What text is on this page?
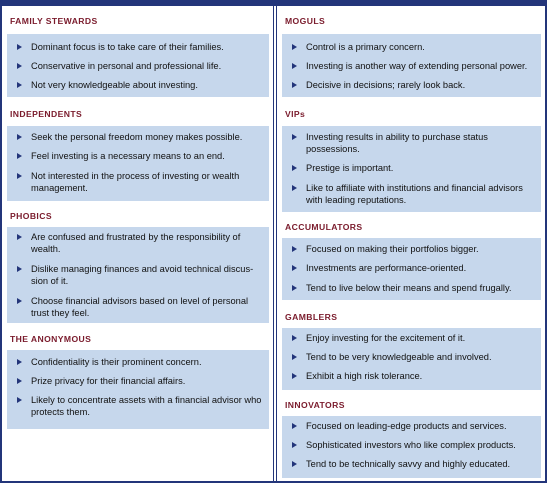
FAMILY STEWARDS
Dominant focus is to take care of their families.
Conservative in personal and professional life.
Not very knowledgeable about investing.
INDEPENDENTS
Seek the personal freedom money makes possible.
Feel investing is a necessary means to an end.
Not interested in the process of investing or wealth management.
PHOBICS
Are confused and frustrated by the responsibility of wealth.
Dislike managing finances and avoid technical discus-sion of it.
Choose financial advisors based on level of personal trust they feel.
THE ANONYMOUS
Confidentiality is their prominent concern.
Prize privacy for their financial affairs.
Likely to concentrate assets with a financial advisor who protects them.
MOGULS
Control is a primary concern.
Investing is another way of extending personal power.
Decisive in decisions; rarely look back.
VIPs
Investing results in ability to purchase status possessions.
Prestige is important.
Like to affiliate with institutions and financial advisors with leading reputations.
ACCUMULATORS
Focused on making their portfolios bigger.
Investments are performance-oriented.
Tend to live below their means and spend frugally.
GAMBLERS
Enjoy investing for the excitement of it.
Tend to be very knowledgeable and involved.
Exhibit a high risk tolerance.
INNOVATORS
Focused on leading-edge products and services.
Sophisticated investors who like complex products.
Tend to be technically savvy and highly educated.
